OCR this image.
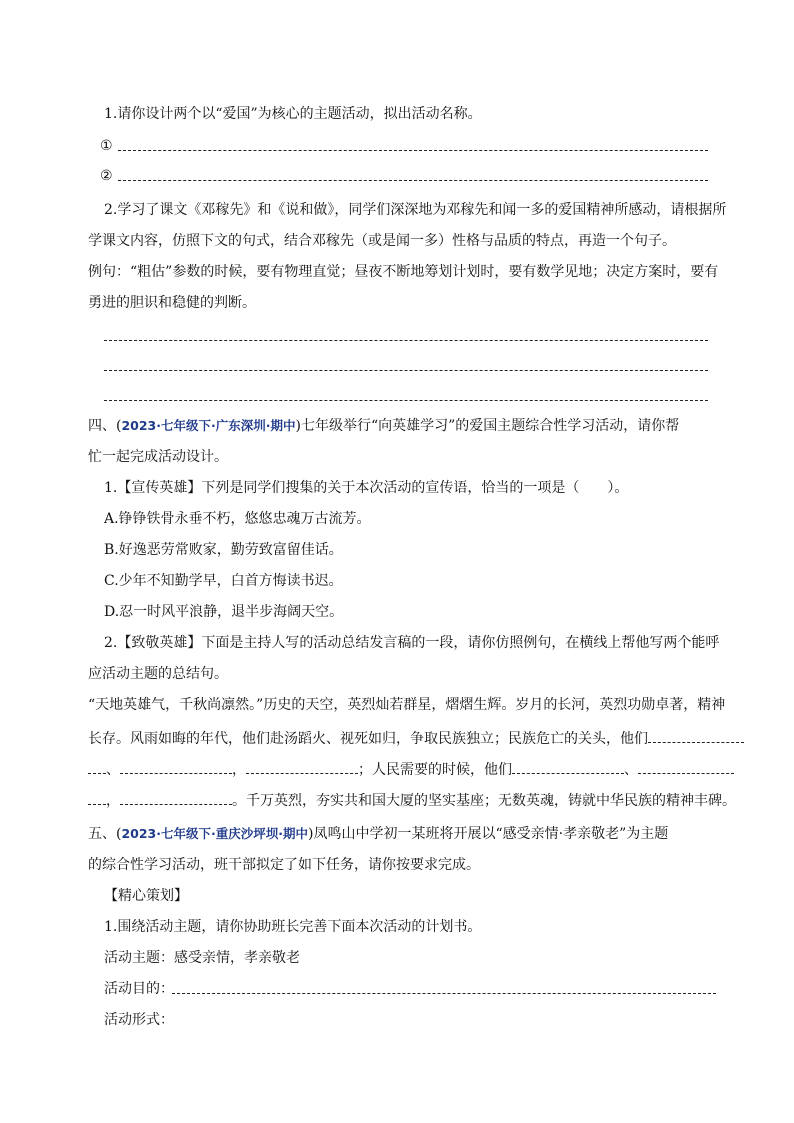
1.请你设计两个以“爱国”为核心的主题活动，拟出活动名称。
①
②
2.学习了课文《邓稼先》和《说和做》，同学们深深地为邓稼先和闻一多的爱国精神所感动，请根据所
学课文内容，仿照下文的句式，结合邓稼先（或是闻一多）性格与品质的特点，再造一个句子。
例句：“粗估”参数的时候，要有物理直觉；昼夜不断地筹划计划时，要有数学见地；决定方案时，要有
勇进的胆识和稳健的判断。
四、(2023·七年级下·广东深圳·期中)七年级举行“向英雄学习”的爱国主题综合性学习活动，请你帮
忙一起完成活动设计。
1.【宣传英雄】下列是同学们搜集的关于本次活动的宣传语，恰当的一项是（　　）。
A.铮铮铁骨永垂不朽，悠悠忠魂万古流芳。
B.好逸恶劳常败家，勤劳致富留佳话。
C.少年不知勤学早，白首方悔读书迟。
D.忍一时风平浪静，退半步海阔天空。
2.【致敬英雄】下面是主持人写的活动总结发言稿的一段，请你仿照例句，在横线上帮他写两个能呼
应活动主题的总结句。
“天地英雄气，千秋尚凛然。”历史的天空，英烈灿若群星，熠熠生辉。岁月的长河，英烈功勋卓著，精神
长存。风雨如晦的年代，他们赴汤蹈火、视死如归，争取民族独立；民族危亡的关头，他们
、	，	；人民需要的时候，他们	、
，	。千万英烈，夯实共和国大厦的坚实基座；无数英魂，铸就中华民族的精神丰碑。
五、(2023·七年级下·重庆沙坪坝·期中)凤鸣山中学初一某班将开展以“感受亲情·孝亲敬老”为主题
的综合性学习活动，班干部拟定了如下任务，请你按要求完成。
【精心策划】
1.围绕活动主题，请你协助班长完善下面本次活动的计划书。
活动主题：感受亲情，孝亲敬老
活动目的：
活动形式：
